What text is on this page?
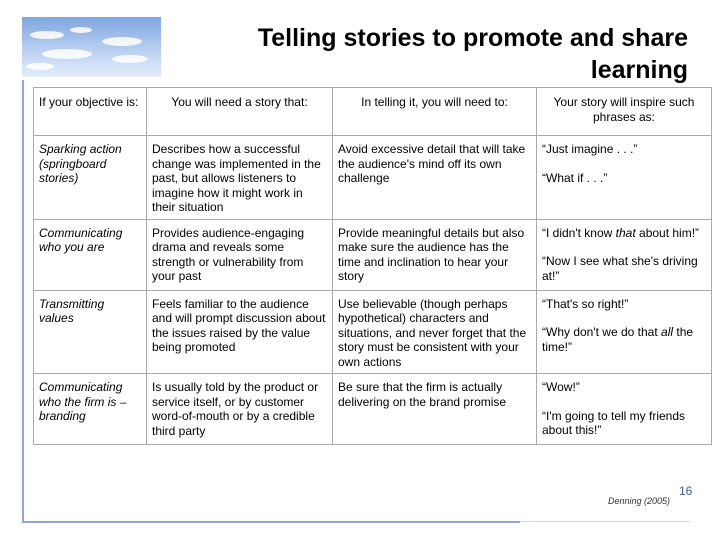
Telling stories to promote and share learning
If your objective is:	You will need a story that:	In telling it, you will need to:	Your story will inspire such phrases as:
Sparking action (springboard stories)	Describes how a successful change was implemented in the past, but allows listeners to imagine how it might work in their situation	Avoid excessive detail that will take the audience's mind off its own challenge	“Just imagine . . .”
“What if . . .”

Communicating who you are	Provides audience-engaging drama and reveals some strength or vulnerability from your past	Provide meaningful details but also make sure the audience has the time and inclination to hear your story	“I didn't know that about him!”
“Now I see what she's driving at!”

Transmitting values	Feels familiar to the audience and will prompt discussion about the issues raised by the value being promoted	Use believable (though perhaps hypothetical) characters and situations, and never forget that the story must be consistent with your own actions	“That's so right!”
“Why don't we do that all the time!”

Communicating who the firm is – branding	Is usually told by the product or service itself, or by customer word-of-mouth or by a credible third party	Be sure that the firm is actually delivering on the brand promise	“Wow!”
“I'm going to tell my friends about this!”
Denning (2005)
16
